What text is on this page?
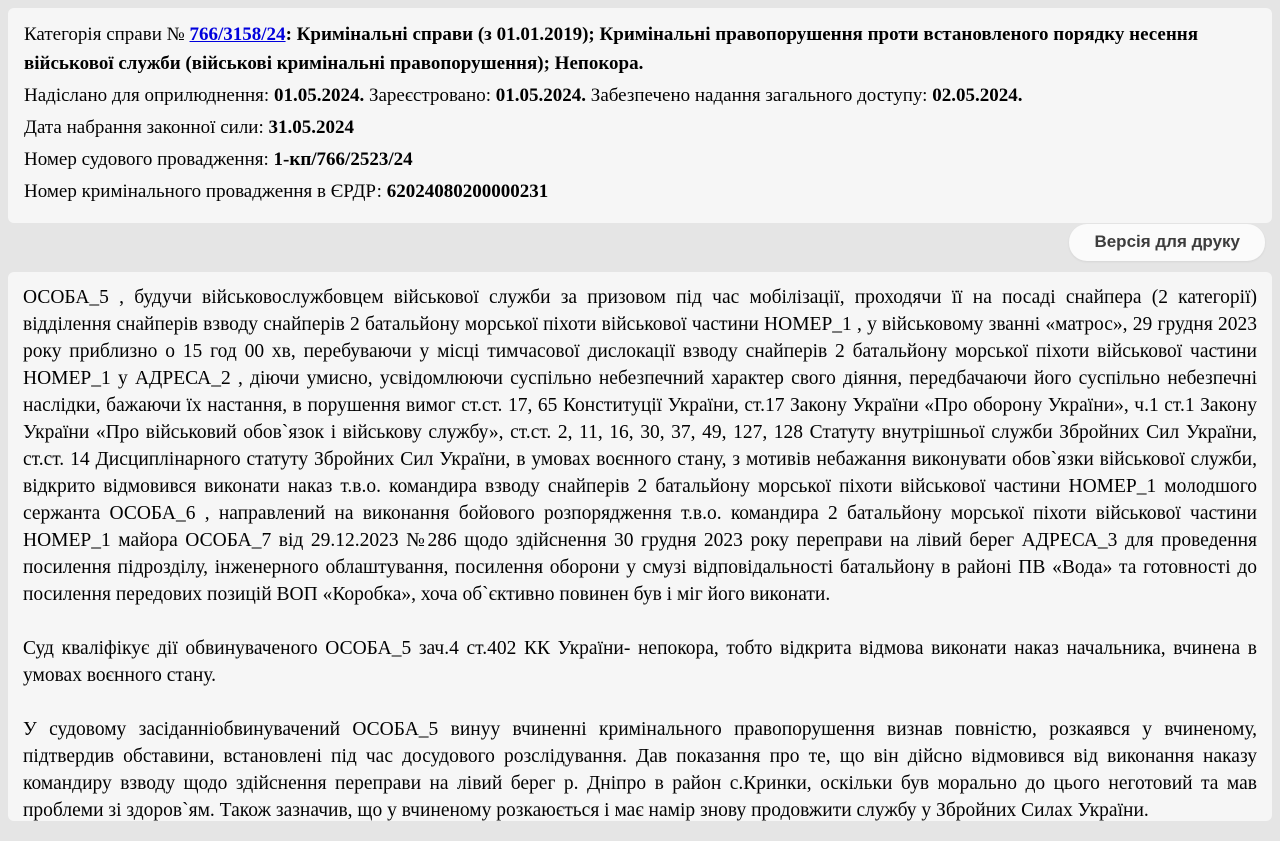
Категорія справи № 766/3158/24: Кримінальні справи (з 01.01.2019); Кримінальні правопорушення проти встановленого порядку несення військової служби (військові кримінальні правопорушення); Непокора.

Надіслано для оприлюднення: 01.05.2024. Зареєстровано: 01.05.2024. Забезпечено надання загального доступу: 02.05.2024.

Дата набрання законної сили: 31.05.2024

Номер судового провадження: 1-кп/766/2523/24

Номер кримінального провадження в ЄРДР: 62024080200000231

Версія для друку

ОСОБА_5 , будучи військовослужбовцем військової служби за призовом під час мобілізації, проходячи її на посаді снайпера (2 категорії) відділення снайперів взводу снайперів 2 батальйону морської піхоти військової частини НОМЕР_1 , у військовому званні «матрос», 29 грудня 2023 року приблизно о 15 год 00 хв, перебуваючи у місці тимчасової дислокації взводу снайперів 2 батальйону морської піхоти військової частини НОМЕР_1 у АДРЕСА_2 , діючи умисно, усвідомлюючи суспільно небезпечний характер свого діяння, передбачаючи його суспільно небезпечні наслідки, бажаючи їх настання, в порушення вимог ст.ст. 17, 65 Конституції України, ст.17 Закону України «Про оборону України», ч.1 ст.1 Закону України «Про військовий обов`язок і військову службу», ст.ст. 2, 11, 16, 30, 37, 49, 127, 128 Статуту внутрішньої служби Збройних Сил України, ст.ст. 14 Дисциплінарного статуту Збройних Сил України, в умовах воєнного стану, з мотивів небажання виконувати обов`язки військової служби, відкрито відмовився виконати наказ т.в.о. командира взводу снайперів 2 батальйону морської піхоти військової частини НОМЕР_1 молодшого сержанта ОСОБА_6 , направлений на виконання бойового розпорядження т.в.о. командира 2 батальйону морської піхоти військової частини НОМЕР_1 майора ОСОБА_7 від 29.12.2023 №286 щодо здійснення 30 грудня 2023 року переправи на лівий берег АДРЕСА_3 для проведення посилення підрозділу, інженерного облаштування, посилення оборони у смузі відповідальності батальйону в районі ПВ «Вода» та готовності до посилення передових позицій ВОП «Коробка», хоча об`єктивно повинен був і міг його виконати.

Суд кваліфікує дії обвинуваченого ОСОБА_5 зач.4 ст.402 КК України- непокора, тобто відкрита відмова виконати наказ начальника, вчинена в умовах воєнного стану.

У судовому засіданніобвинувачений ОСОБА_5 винуу вчиненні кримінального правопорушення визнав повністю, розкаявся у вчиненому, підтвердив обставини, встановлені під час досудового розслідування. Дав показання про те, що він дійсно відмовився від виконання наказу командиру взводу щодо здійснення переправи на лівий берег р. Дніпро в район с.Кринки, оскільки був морально до цього неготовий та мав проблеми зі здоров`ям. Також зазначив, що у вчиненому розкаюється і має намір знову продовжити службу у Збройних Силах України.
